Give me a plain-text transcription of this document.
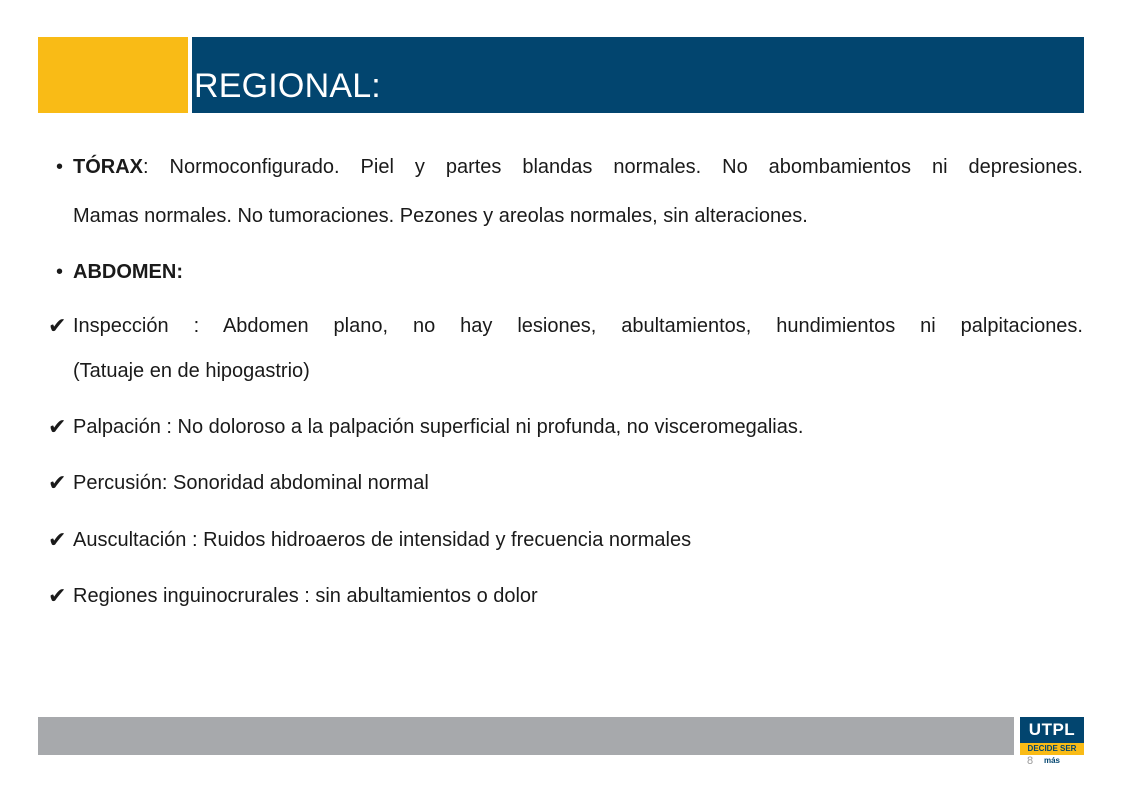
REGIONAL:
• TÓRAX: Normoconfigurado. Piel y partes blandas normales. No abombamientos ni depresiones.
Mamas normales. No tumoraciones. Pezones y areolas normales, sin alteraciones.
• ABDOMEN:
✔ Inspección : Abdomen plano, no hay lesiones, abultamientos, hundimientos ni palpitaciones.
(Tatuaje en de hipogastrio)
✔ Palpación : No doloroso a la palpación superficial ni profunda, no visceromegalias.
✔ Percusión: Sonoridad abdominal normal
✔ Auscultación : Ruidos hidroaeros de intensidad y frecuencia normales
✔ Regiones inguinocrurales : sin abultamientos o dolor
UTPL
DECIDE SER más
8
